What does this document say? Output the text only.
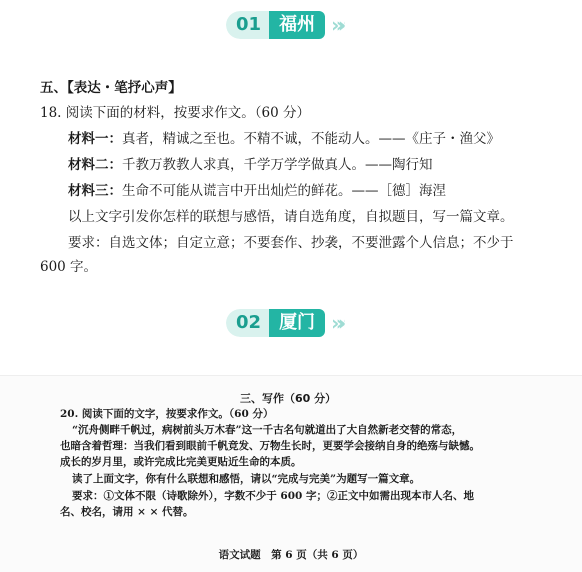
01	福州 »»
五、【表达・笔抒心声】
18. 阅读下面的材料，按要求作文。（60 分）
材料一：真者，精诚之至也。不精不诚，不能动人。——《庄子・渔父》
材料二：千教万教教人求真，千学万学学做真人。——陶行知
材料三：生命不可能从谎言中开出灿烂的鲜花。——［德］海涅
以上文字引发你怎样的联想与感悟，请自选角度，自拟题目，写一篇文章。
要求：自选文体；自定立意；不要套作、抄袭，不要泄露个人信息；不少于
600 字。
02	厦门 »»
三、写作（60 分）
20. 阅读下面的文字，按要求作文。（60 分）
“沉舟侧畔千帆过，病树前头万木春”这一千古名句就道出了大自然新老交替的常态，
也暗含着哲理：当我们看到眼前千帆竞发、万物生长时，更要学会接纳自身的绝殇与缺憾。
成长的岁月里，或许完成比完美更贴近生命的本质。
读了上面文字，你有什么联想和感悟，请以“完成与完美”为题写一篇文章。
要求：①文体不限（诗歌除外），字数不少于 600 字；②正文中如需出现本市人名、地
名、校名，请用 × × 代替。
语文试题　第 6 页（共 6 页）
